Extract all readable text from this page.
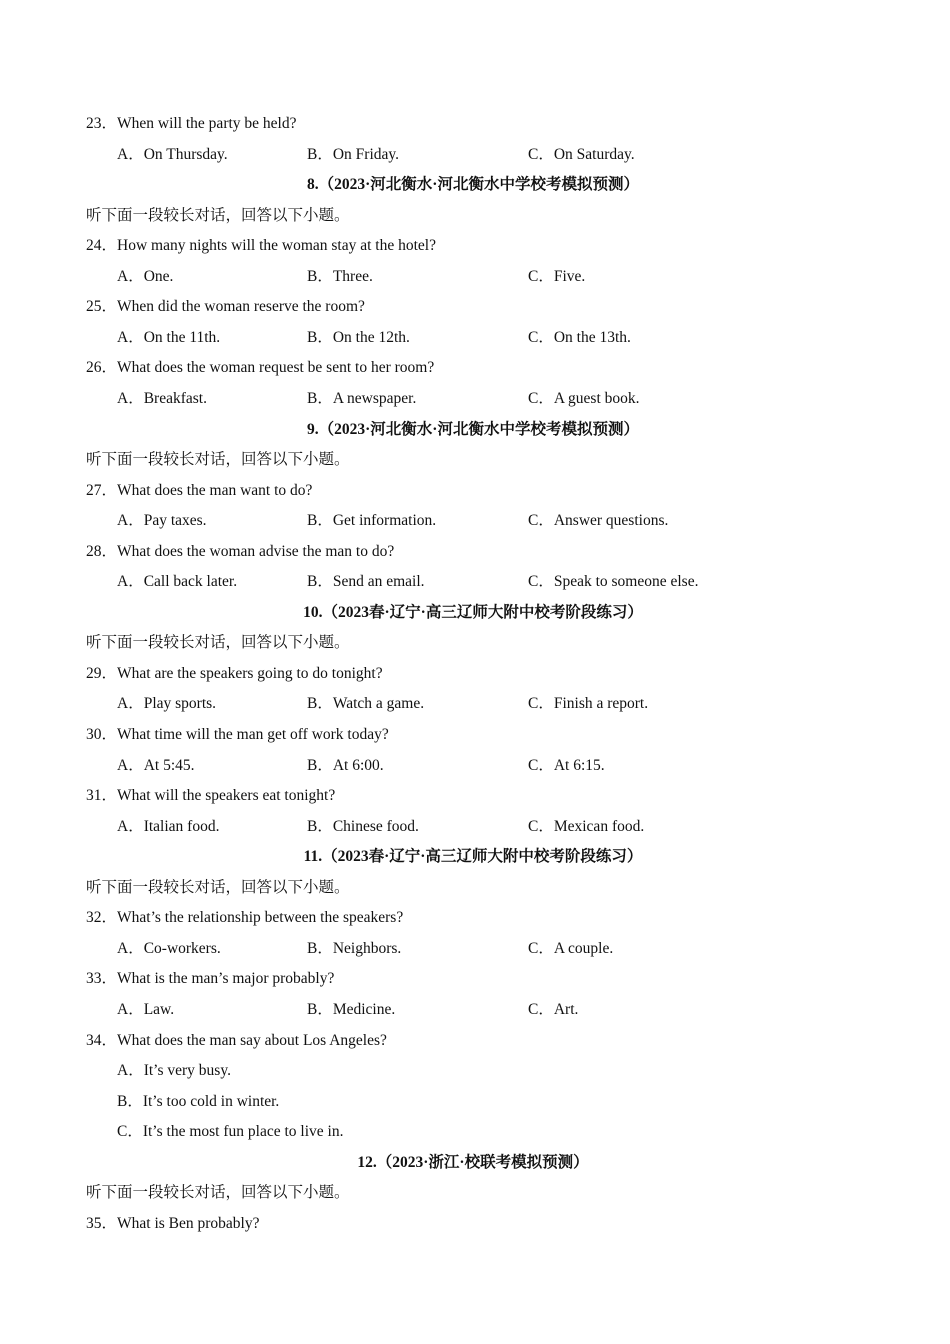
23．When will the party be held?
A．On Thursday.	B．On Friday.	C．On Saturday.
8.（2023·河北衡水·河北衡水中学校考模拟预测）
听下面一段较长对话，回答以下小题。
24．How many nights will the woman stay at the hotel?
A．One.	B．Three.	C．Five.
25．When did the woman reserve the room?
A．On the 11th.	B．On the 12th.	C．On the 13th.
26．What does the woman request be sent to her room?
A．Breakfast.	B．A newspaper.	C．A guest book.
9.（2023·河北衡水·河北衡水中学校考模拟预测）
听下面一段较长对话，回答以下小题。
27．What does the man want to do?
A．Pay taxes.	B．Get information.	C．Answer questions.
28．What does the woman advise the man to do?
A．Call back later.	B．Send an email.	C．Speak to someone else.
10.（2023春·辽宁·高三辽师大附中校考阶段练习）
听下面一段较长对话，回答以下小题。
29．What are the speakers going to do tonight?
A．Play sports.	B．Watch a game.	C．Finish a report.
30．What time will the man get off work today?
A．At 5:45.	B．At 6:00.	C．At 6:15.
31．What will the speakers eat tonight?
A．Italian food.	B．Chinese food.	C．Mexican food.
11.（2023春·辽宁·高三辽师大附中校考阶段练习）
听下面一段较长对话，回答以下小题。
32．What’s the relationship between the speakers?
A．Co-workers.	B．Neighbors.	C．A couple.
33．What is the man’s major probably?
A．Law.	B．Medicine.	C．Art.
34．What does the man say about Los Angeles?
A．It’s very busy.
B．It’s too cold in winter.
C．It’s the most fun place to live in.
12.（2023·浙江·校联考模拟预测）
听下面一段较长对话，回答以下小题。
35．What is Ben probably?
